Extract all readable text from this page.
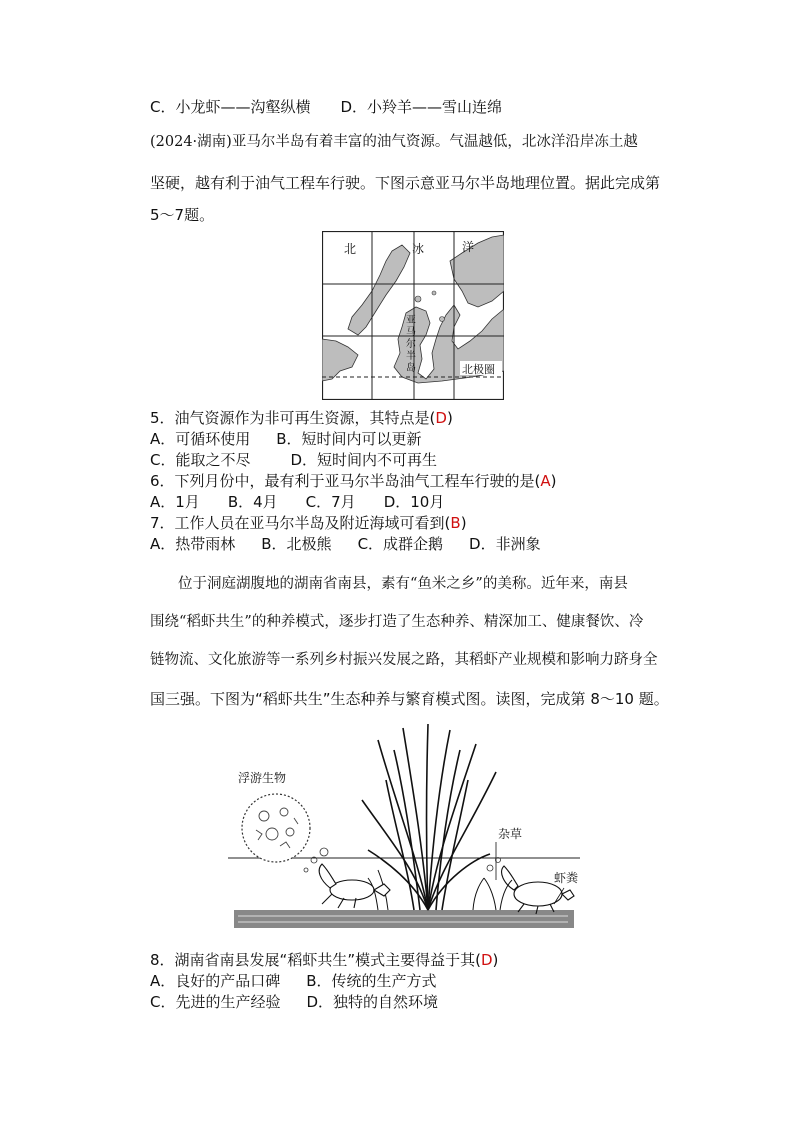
C．小龙虾——沟壑纵横 D．小羚羊——雪山连绵
(2024·湖南)亚马尔半岛有着丰富的油气资源。气温越低，北冰洋沿岸冻土越
坚硬，越有利于油气工程车行驶。下图示意亚马尔半岛地理位置。据此完成第
5～7题。
北极圈
北	冰	洋
亚
马
尔
半
岛
5．油气资源作为非可再生资源，其特点是(D)
A．可循环使用 B．短时间内可以更新
C．能取之不尽	D．短时间内不可再生
6．下列月份中，最有利于亚马尔半岛油气工程车行驶的是(A)
A．1月 B．4月 C．7月 D．10月
7．工作人员在亚马尔半岛及附近海域可看到(B)
A．热带雨林 B．北极熊 C．成群企鹅 D．非洲象
位于洞庭湖腹地的湖南省南县，素有“鱼米之乡”的美称。近年来，南县
围绕“稻虾共生”的种养模式，逐步打造了生态种养、精深加工、健康餐饮、冷
链物流、文化旅游等一系列乡村振兴发展之路，其稻虾产业规模和影响力跻身全
国三强。下图为“稻虾共生”生态种养与繁育模式图。读图，完成第 8～10 题。
浮游生物
杂草
虾粪
8．湖南省南县发展“稻虾共生”模式主要得益于其(D)
A．良好的产品口碑 B．传统的生产方式
C．先进的生产经验 D．独特的自然环境
